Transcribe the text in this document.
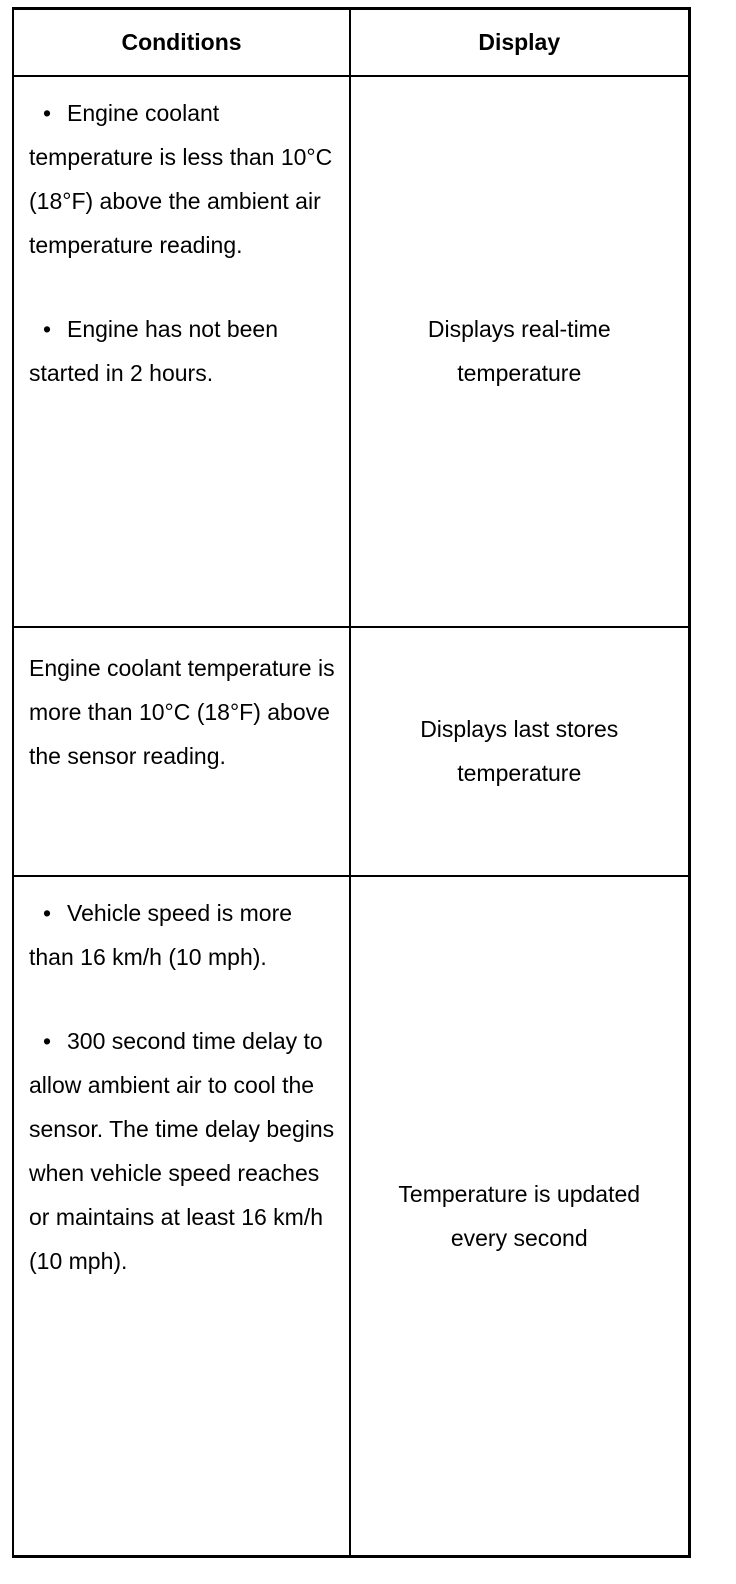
Conditions	Display

• Engine coolant temperature is less than 10°C (18°F) above the ambient air temperature reading.

• Engine has not been started in 2 hours.	Displays real-time temperature

Engine coolant temperature is more than 10°C (18°F) above the sensor reading.	Displays last stores temperature

• Vehicle speed is more than 16 km/h (10 mph).

• 300 second time delay to allow ambient air to cool the sensor. The time delay begins when vehicle speed reaches or maintains at least 16 km/h (10 mph).	Temperature is updated every second
